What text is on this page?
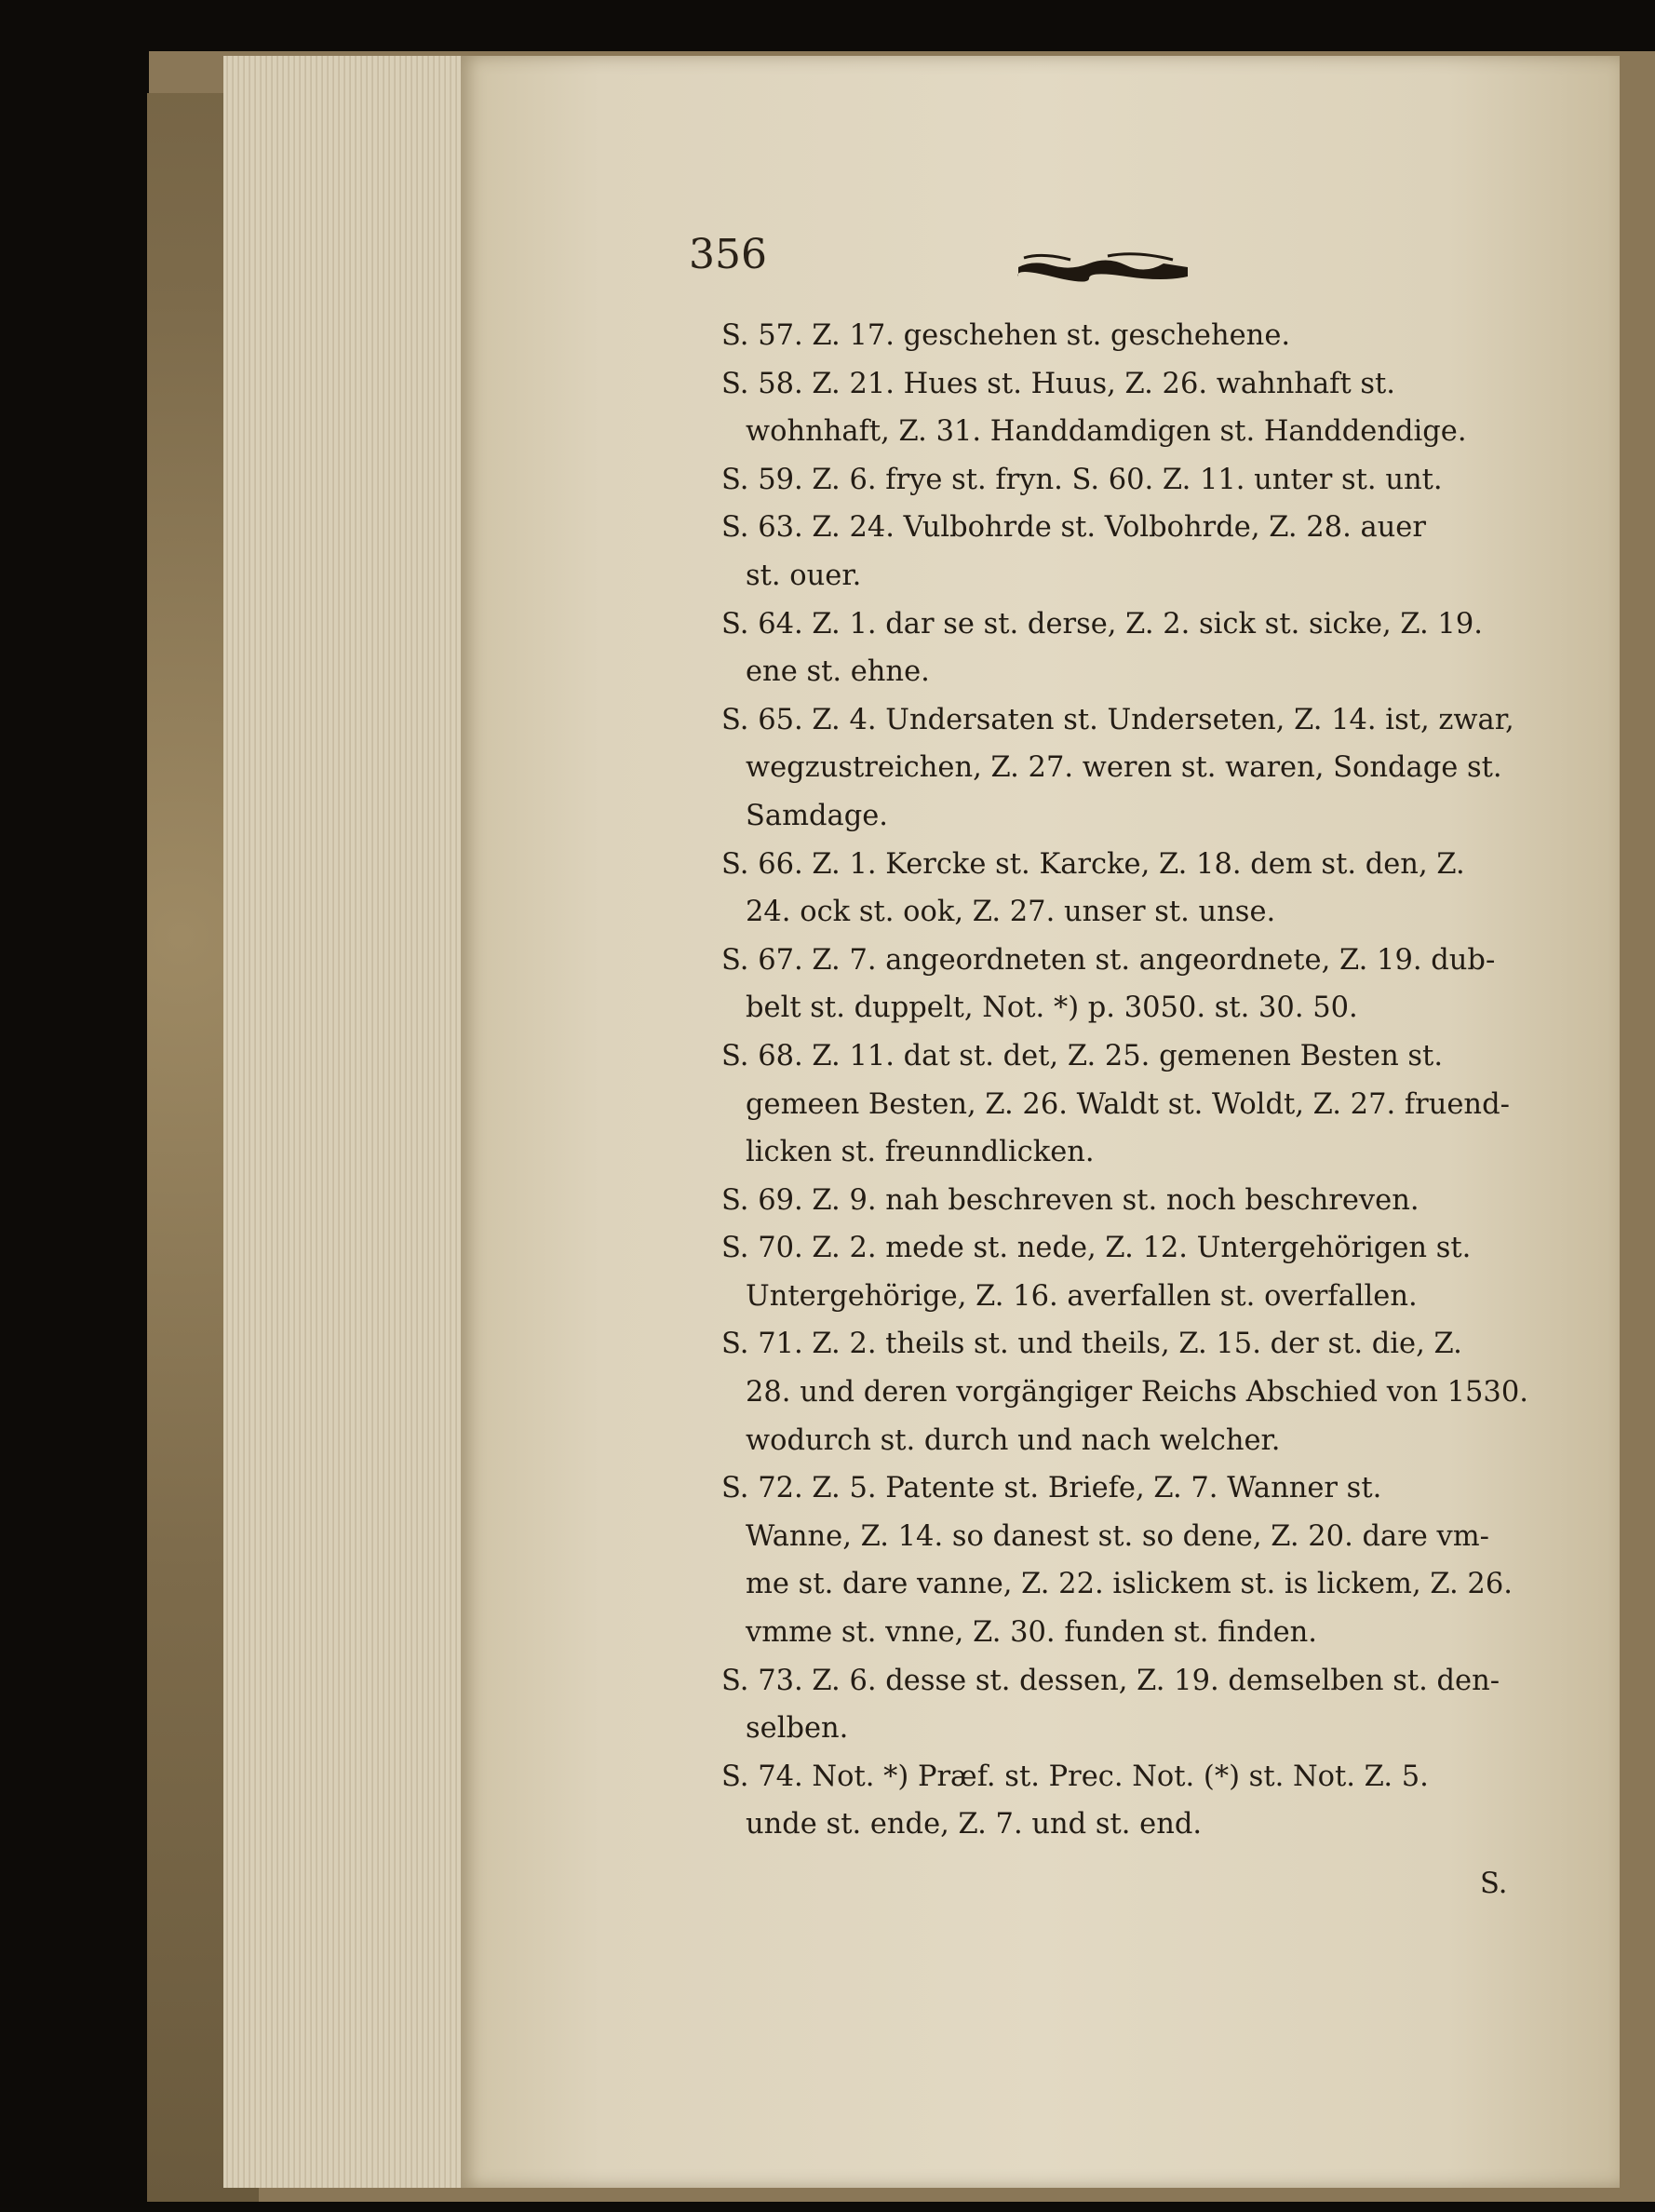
356
S. 57. Z. 17. geschehen st. geschehene.
S. 58. Z. 21. Hues st. Huus, Z. 26. wahnhaft st.
wohnhaft, Z. 31. Handdamdigen st. Handdendige.
S. 59. Z. 6. frye st. fryn. S. 60. Z. 11. unter st. unt.
S. 63. Z. 24. Vulbohrde st. Volbohrde, Z. 28. auer
st. ouer.
S. 64. Z. 1. dar se st. derse, Z. 2. sick st. sicke, Z. 19.
ene st. ehne.
S. 65. Z. 4. Undersaten st. Underseten, Z. 14. ist, zwar,
wegzustreichen, Z. 27. weren st. waren, Sondage st.
Samdage.
S. 66. Z. 1. Kercke st. Karcke, Z. 18. dem st. den, Z.
24. ock st. ook, Z. 27. unser st. unse.
S. 67. Z. 7. angeordneten st. angeordnete, Z. 19. dub-
belt st. duppelt, Not. *) p. 3050. st. 30. 50.
S. 68. Z. 11. dat st. det, Z. 25. gemenen Besten st.
gemeen Besten, Z. 26. Waldt st. Woldt, Z. 27. fruend-
licken st. freunndlicken.
S. 69. Z. 9. nah beschreven st. noch beschreven.
S. 70. Z. 2. mede st. nede, Z. 12. Untergehörigen st.
Untergehörige, Z. 16. averfallen st. overfallen.
S. 71. Z. 2. theils st. und theils, Z. 15. der st. die, Z.
28. und deren vorgängiger Reichs Abschied von 1530.
wodurch st. durch und nach welcher.
S. 72. Z. 5. Patente st. Briefe, Z. 7. Wanner st.
Wanne, Z. 14. so danest st. so dene, Z. 20. dare vm-
me st. dare vanne, Z. 22. islickem st. is lickem, Z. 26.
vmme st. vnne, Z. 30. funden st. finden.
S. 73. Z. 6. desse st. dessen, Z. 19. demselben st. den-
selben.
S. 74. Not. *) Præf. st. Prec. Not. (*) st. Not. Z. 5.
unde st. ende, Z. 7. und st. end.
S.
